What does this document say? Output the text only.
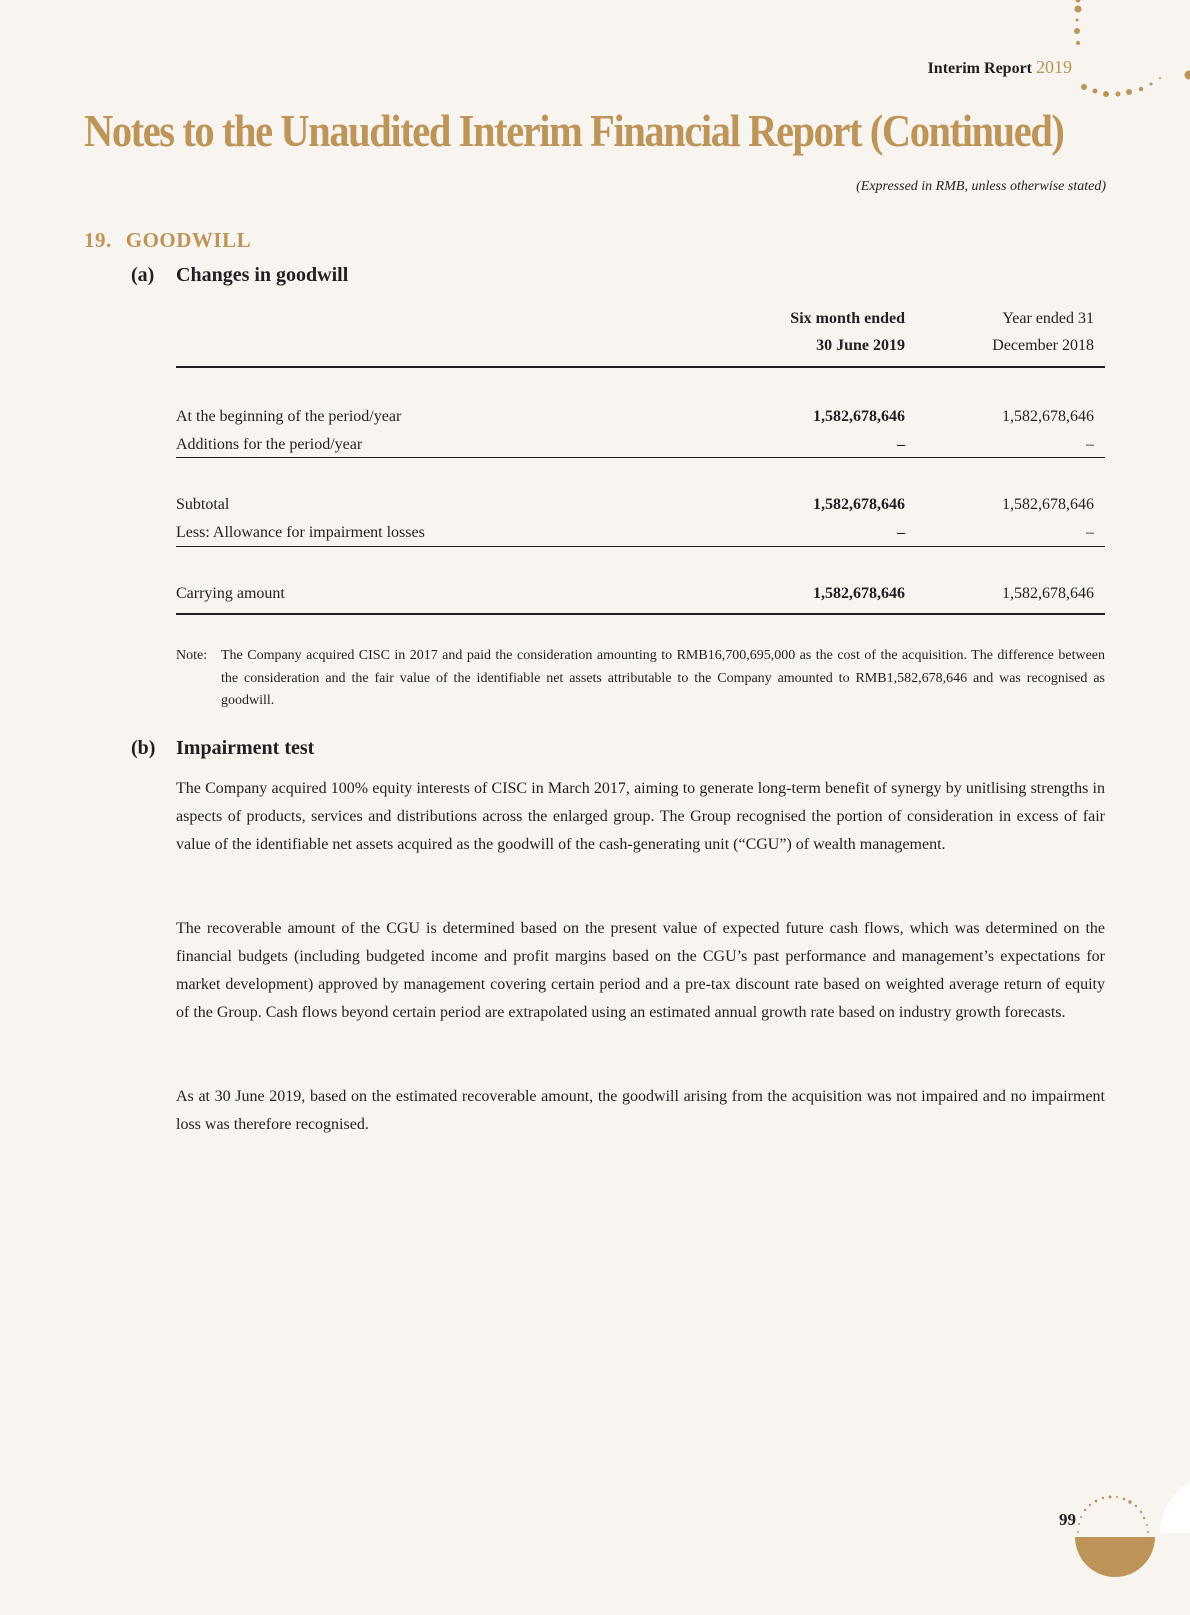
Interim Report 2019
Notes to the Unaudited Interim Financial Report (Continued)
(Expressed in RMB, unless otherwise stated)
19. GOODWILL
(a) Changes in goodwill
Six month ended
30 June 2019
Year ended 31
December 2018
At the beginning of the period/year	1,582,678,646	1,582,678,646
Additions for the period/year	–	–
Subtotal	1,582,678,646	1,582,678,646
Less: Allowance for impairment losses	–	–
Carrying amount	1,582,678,646	1,582,678,646
Note: The Company acquired CISC in 2017 and paid the consideration amounting to RMB16,700,695,000 as the cost of the acquisition. The difference between the consideration and the fair value of the identifiable net assets attributable to the Company amounted to RMB1,582,678,646 and was recognised as goodwill.
(b) Impairment test
The Company acquired 100% equity interests of CISC in March 2017, aiming to generate long-term benefit of synergy by unitlising strengths in aspects of products, services and distributions across the enlarged group. The Group recognised the portion of consideration in excess of fair value of the identifiable net assets acquired as the goodwill of the cash-generating unit (“CGU”) of wealth management.
The recoverable amount of the CGU is determined based on the present value of expected future cash flows, which was determined on the financial budgets (including budgeted income and profit margins based on the CGU’s past performance and management’s expectations for market development) approved by management covering certain period and a pre-tax discount rate based on weighted average return of equity of the Group. Cash flows beyond certain period are extrapolated using an estimated annual growth rate based on industry growth forecasts.
As at 30 June 2019, based on the estimated recoverable amount, the goodwill arising from the acquisition was not impaired and no impairment loss was therefore recognised.
99
